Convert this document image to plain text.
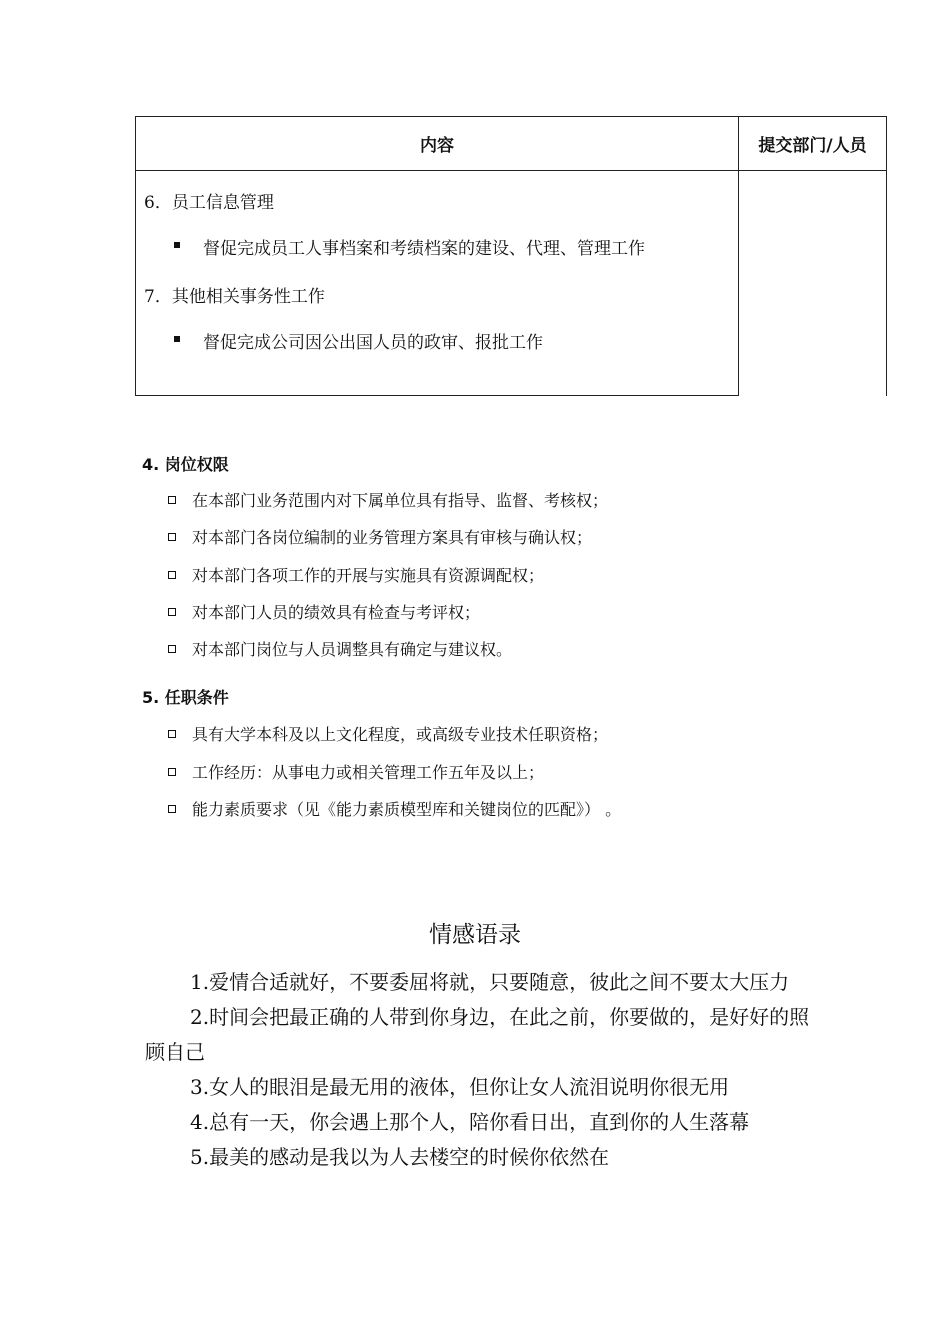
内容	提交部门/人员
6．员工信息管理
督促完成员工人事档案和考绩档案的建设、代理、管理工作
7．其他相关事务性工作
督促完成公司因公出国人员的政审、报批工作
4. 岗位权限
在本部门业务范围内对下属单位具有指导、监督、考核权；
对本部门各岗位编制的业务管理方案具有审核与确认权；
对本部门各项工作的开展与实施具有资源调配权；
对本部门人员的绩效具有检查与考评权；
对本部门岗位与人员调整具有确定与建议权。
5. 任职条件
具有大学本科及以上文化程度，或高级专业技术任职资格；
工作经历：从事电力或相关管理工作五年及以上；
能力素质要求（见《能力素质模型库和关键岗位的匹配》） 。
情感语录

1.爱情合适就好，不要委屈将就，只要随意，彼此之间不要太大压力

2.时间会把最正确的人带到你身边，在此之前，你要做的，是好好的照顾自己

3.女人的眼泪是最无用的液体，但你让女人流泪说明你很无用

4.总有一天，你会遇上那个人，陪你看日出，直到你的人生落幕

5.最美的感动是我以为人去楼空的时候你依然在
